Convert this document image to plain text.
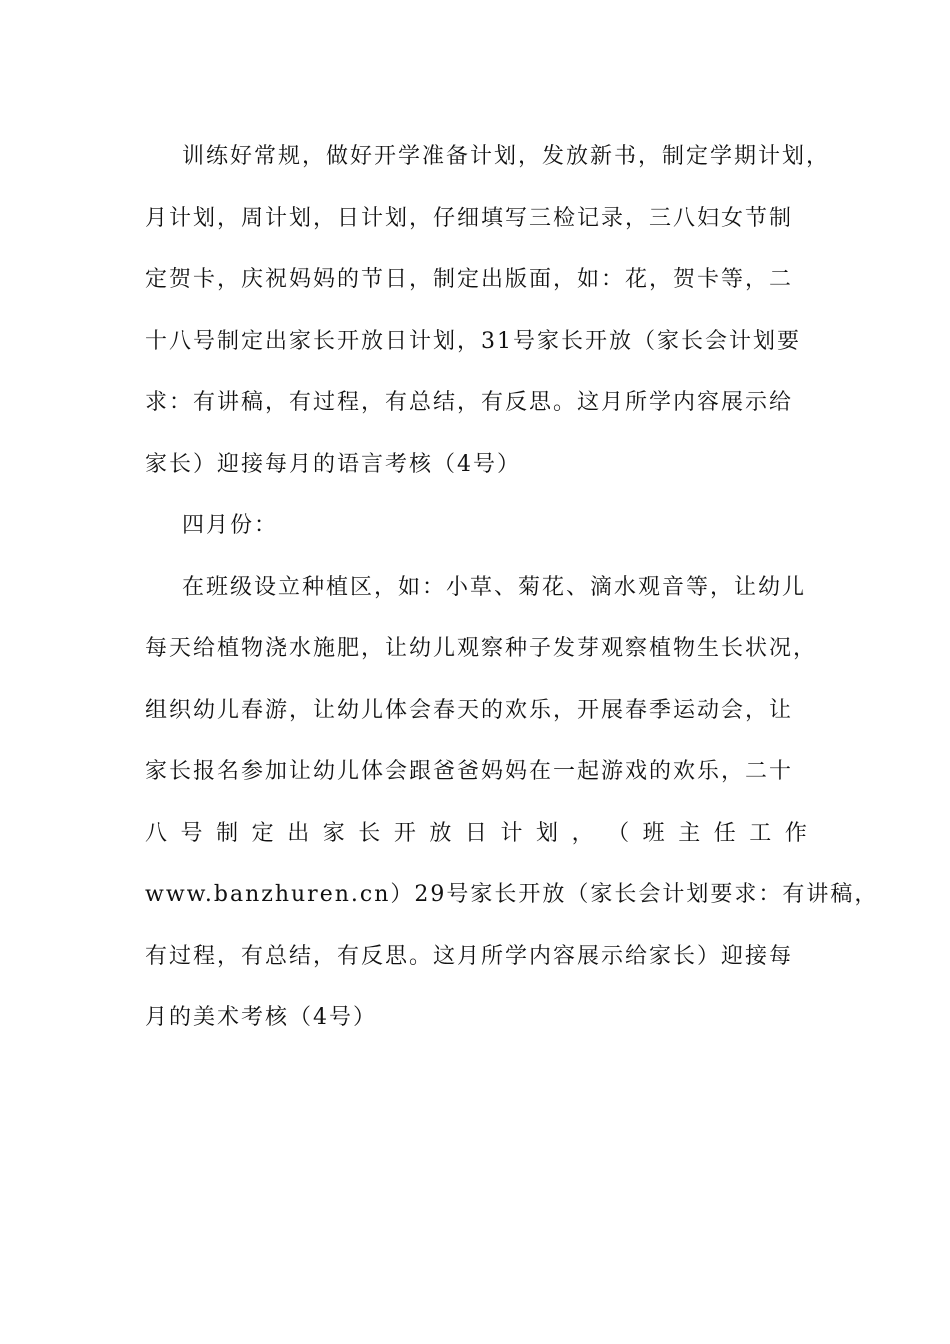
训练好常规，做好开学准备计划，发放新书，制定学期计划，
月计划，周计划，日计划，仔细填写三检记录，三八妇女节制
定贺卡，庆祝妈妈的节日，制定出版面，如：花，贺卡等，二
十八号制定出家长开放日计划，31号家长开放（家长会计划要
求：有讲稿，有过程，有总结，有反思。这月所学内容展示给
家长）迎接每月的语言考核（4号）
四月份：
在班级设立种植区，如：小草、菊花、滴水观音等，让幼儿
每天给植物浇水施肥，让幼儿观察种子发芽观察植物生长状况，
组织幼儿春游，让幼儿体会春天的欢乐，开展春季运动会，让
家长报名参加让幼儿体会跟爸爸妈妈在一起游戏的欢乐，二十
八 号 制 定 出 家 长 开 放 日 计 划 ， （ 班 主 任 工 作
www.banzhuren.cn）29号家长开放（家长会计划要求：有讲稿，
有过程，有总结，有反思。这月所学内容展示给家长）迎接每
月的美术考核（4号）
